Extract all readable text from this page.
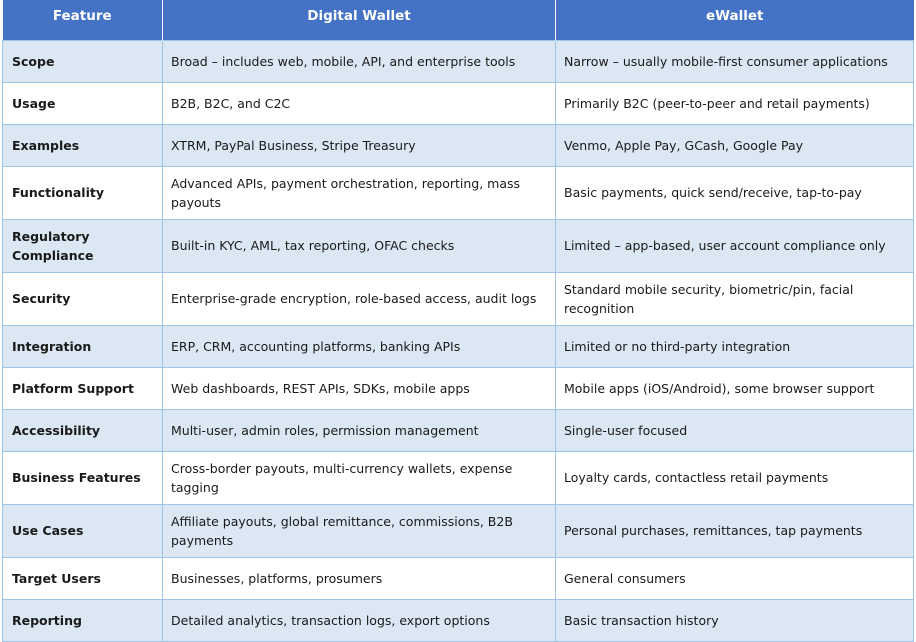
Feature	Digital Wallet	eWallet
Scope	Broad – includes web, mobile, API, and enterprise tools	Narrow – usually mobile-first consumer applications
Usage	B2B, B2C, and C2C	Primarily B2C (peer-to-peer and retail payments)
Examples	XTRM, PayPal Business, Stripe Treasury	Venmo, Apple Pay, GCash, Google Pay
Functionality	Advanced APIs, payment orchestration, reporting, mass payouts	Basic payments, quick send/receive, tap-to-pay
Regulatory Compliance	Built-in KYC, AML, tax reporting, OFAC checks	Limited – app-based, user account compliance only
Security	Enterprise-grade encryption, role-based access, audit logs	Standard mobile security, biometric/pin, facial recognition
Integration	ERP, CRM, accounting platforms, banking APIs	Limited or no third-party integration
Platform Support	Web dashboards, REST APIs, SDKs, mobile apps	Mobile apps (iOS/Android), some browser support
Accessibility	Multi-user, admin roles, permission management	Single-user focused
Business Features	Cross-border payouts, multi-currency wallets, expense tagging	Loyalty cards, contactless retail payments
Use Cases	Affiliate payouts, global remittance, commissions, B2B payments	Personal purchases, remittances, tap payments
Target Users	Businesses, platforms, prosumers	General consumers
Reporting	Detailed analytics, transaction logs, export options	Basic transaction history
